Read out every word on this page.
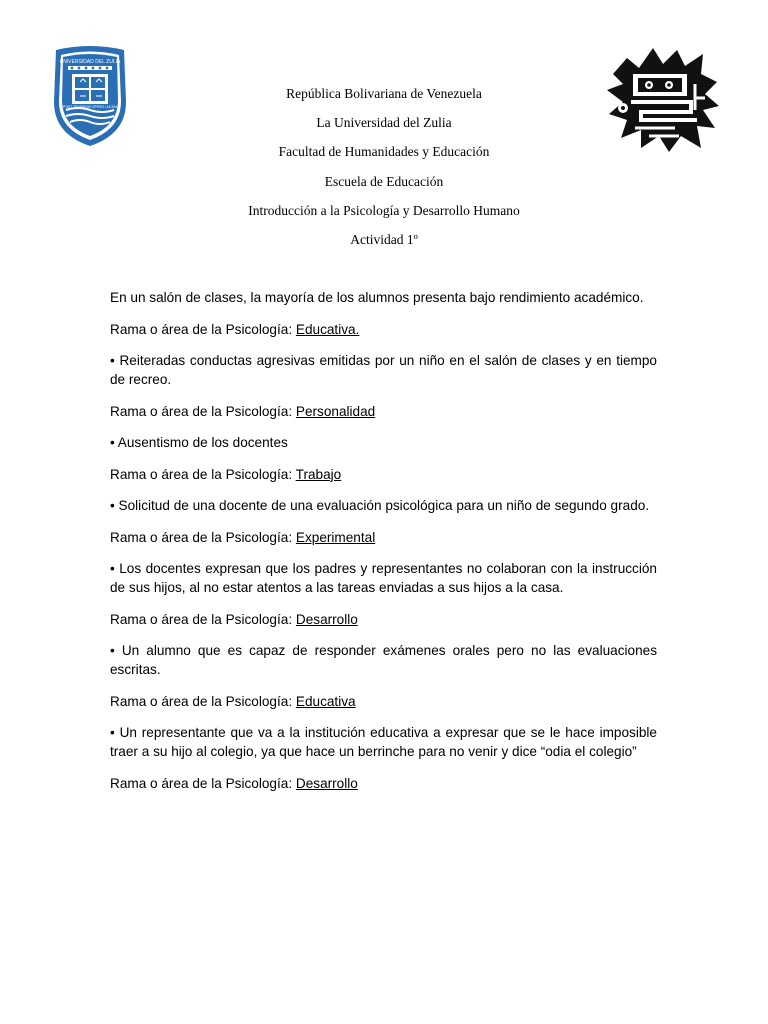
UNIVERSIDAD DEL ZULIA
POST TENEBRAS SPERO LUCEM
República Bolivariana de Venezuela
La Universidad del Zulia
Facultad de Humanidades y Educación
Escuela de Educación
Introducción a la Psicología y Desarrollo Humano
Actividad 1º

En un salón de clases, la mayoría de los alumnos presenta bajo rendimiento académico.

Rama o área de la Psicología: Educativa.

• Reiteradas conductas agresivas emitidas por un niño en el salón de clases y en tiempo de recreo.

Rama o área de la Psicología: Personalidad

• Ausentismo de los docentes

Rama o área de la Psicología: Trabajo

• Solicitud de una docente de una evaluación psicológica para un niño de segundo grado.

Rama o área de la Psicología: Experimental

• Los docentes expresan que los padres y representantes no colaboran con la instrucción de sus hijos, al no estar atentos a las tareas enviadas a sus hijos a la casa.

Rama o área de la Psicología: Desarrollo

• Un alumno que es capaz de responder exámenes orales pero no las evaluaciones escritas.

Rama o área de la Psicología: Educativa

• Un representante que va a la institución educativa a expresar que se le hace imposible traer a su hijo al colegio, ya que hace un berrinche para no venir y dice “odia el colegio”

Rama o área de la Psicología: Desarrollo
